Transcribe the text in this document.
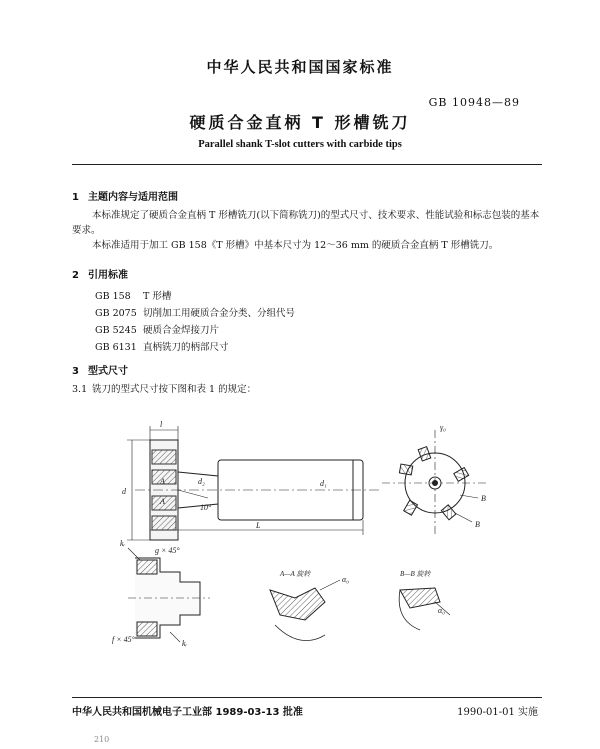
中华人民共和国国家标准
GB 10948—89
硬质合金直柄 T 形槽铣刀
Parallel shank T-slot cutters with carbide tips
1 主题内容与适用范围

本标准规定了硬质合金直柄 T 形槽铣刀(以下简称铣刀)的型式尺寸、技术要求、性能试验和标志包装的基本要求。

本标准适用于加工 GB 158《T 形槽》中基本尺寸为 12～36 mm 的硬质合金直柄 T 形槽铣刀。

2 引用标准
GB 158 T 形槽
GB 2075 切削加工用硬质合金分类、分组代号
GB 5245 硬质合金焊接刀片
GB 6131 直柄铣刀的柄部尺寸
3 型式尺寸
3.1 铣刀的型式尺寸按下图和表 1 的规定：
l
d
d₂	d₁
10°
A
A
L
γ₀
B
B
kᵣ
g × 45°
f × 45°	kᵣ
A—A 旋转
α₀
B—B 旋转
α₀
中华人民共和国机械电子工业部 1989-03-13 批准	1990-01-01 实施
210
